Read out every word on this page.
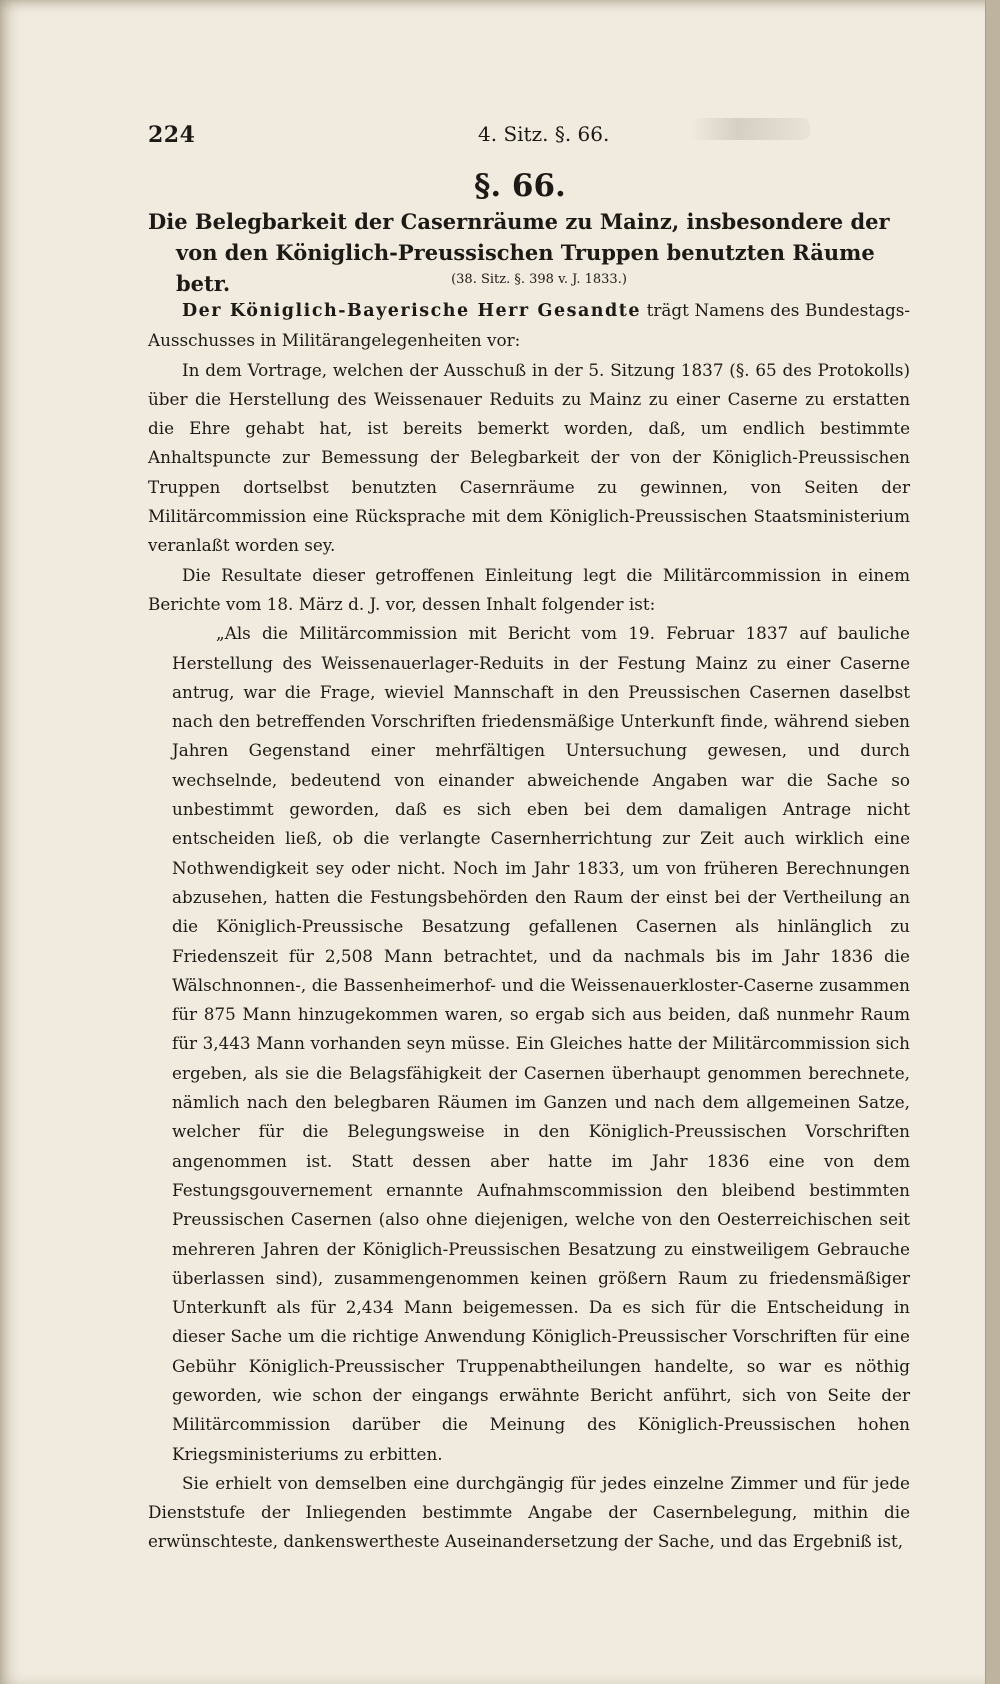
224	4. Sitz. §. 66.
§. 66.

Die Belegbarkeit der Casernräume zu Mainz, insbesondere der von den Königlich-Preussischen Truppen benutzten Räume betr.	(38. Sitz. §. 398 v. J. 1833.)

Der Königlich-Bayerische Herr Gesandte trägt Namens des Bundestags-Ausschusses in Militärangelegenheiten vor:

In dem Vortrage, welchen der Ausschuß in der 5. Sitzung 1837 (§. 65 des Protokolls) über die Herstellung des Weissenauer Reduits zu Mainz zu einer Caserne zu erstatten die Ehre gehabt hat, ist bereits bemerkt worden, daß, um endlich bestimmte Anhaltspuncte zur Bemessung der Belegbarkeit der von der Königlich-Preussischen Truppen dortselbst benutzten Casernräume zu gewinnen, von Seiten der Militärcommission eine Rücksprache mit dem Königlich-Preussischen Staatsministerium veranlaßt worden sey.

Die Resultate dieser getroffenen Einleitung legt die Militärcommission in einem Berichte vom 18. März d. J. vor, dessen Inhalt folgender ist:

„Als die Militärcommission mit Bericht vom 19. Februar 1837 auf bauliche Herstellung des Weissenauerlager-Reduits in der Festung Mainz zu einer Caserne antrug, war die Frage, wieviel Mannschaft in den Preussischen Casernen daselbst nach den betreffenden Vorschriften friedensmäßige Unterkunft finde, während sieben Jahren Gegenstand einer mehrfältigen Untersuchung gewesen, und durch wechselnde, bedeutend von einander abweichende Angaben war die Sache so unbestimmt geworden, daß es sich eben bei dem damaligen Antrage nicht entscheiden ließ, ob die verlangte Casernherrichtung zur Zeit auch wirklich eine Nothwendigkeit sey oder nicht. Noch im Jahr 1833, um von früheren Berechnungen abzusehen, hatten die Festungsbehörden den Raum der einst bei der Vertheilung an die Königlich-Preussische Besatzung gefallenen Casernen als hinlänglich zu Friedenszeit für 2,508 Mann betrachtet, und da nachmals bis im Jahr 1836 die Wälschnonnen-, die Bassenheimerhof- und die Weissenauerkloster-Caserne zusammen für 875 Mann hinzugekommen waren, so ergab sich aus beiden, daß nunmehr Raum für 3,443 Mann vorhanden seyn müsse. Ein Gleiches hatte der Militärcommission sich ergeben, als sie die Belagsfähigkeit der Casernen überhaupt genommen berechnete, nämlich nach den belegbaren Räumen im Ganzen und nach dem allgemeinen Satze, welcher für die Belegungsweise in den Königlich-Preussischen Vorschriften angenommen ist. Statt dessen aber hatte im Jahr 1836 eine von dem Festungsgouvernement ernannte Aufnahmscommission den bleibend bestimmten Preussischen Casernen (also ohne diejenigen, welche von den Oesterreichischen seit mehreren Jahren der Königlich-Preussischen Besatzung zu einstweiligem Gebrauche überlassen sind), zusammengenommen keinen größern Raum zu friedensmäßiger Unterkunft als für 2,434 Mann beigemessen. Da es sich für die Entscheidung in dieser Sache um die richtige Anwendung Königlich-Preussischer Vorschriften für eine Gebühr Königlich-Preussischer Truppenabtheilungen handelte, so war es nöthig geworden, wie schon der eingangs erwähnte Bericht anführt, sich von Seite der Militärcommission darüber die Meinung des Königlich-Preussischen hohen Kriegsministeriums zu erbitten.

Sie erhielt von demselben eine durchgängig für jedes einzelne Zimmer und für jede Dienststufe der Inliegenden bestimmte Angabe der Casernbelegung, mithin die erwünschteste, dankenswertheste Auseinandersetzung der Sache, und das Ergebniß ist,
